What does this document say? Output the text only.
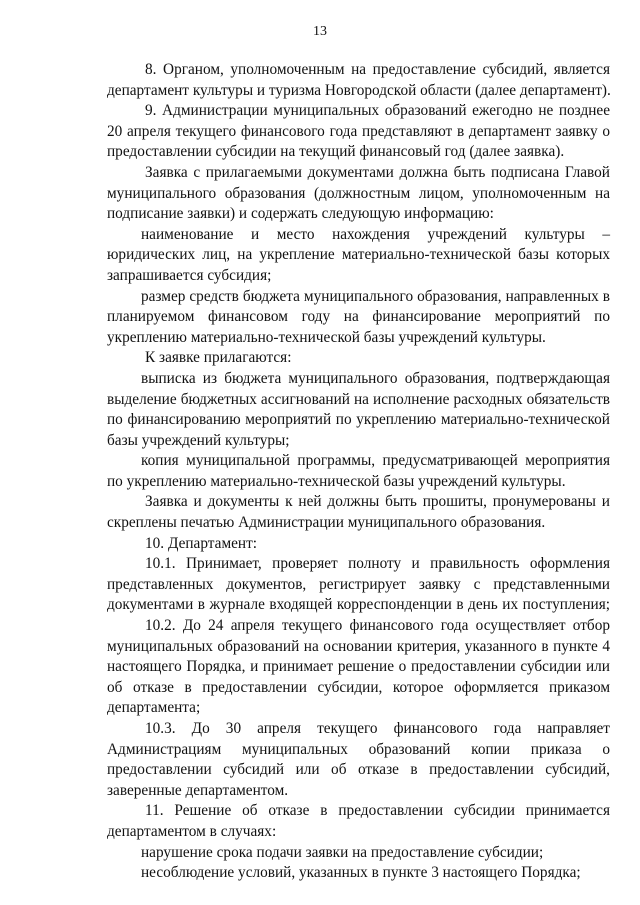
13
8. Органом, уполномоченным на предоставление субсидий, является
департамент культуры и туризма Новгородской области (далее департамент).
9. Администрации муниципальных образований ежегодно не позднее
20 апреля текущего финансового года представляют в департамент заявку о
предоставлении субсидии на текущий финансовый год (далее заявка).
Заявка с прилагаемыми документами должна быть подписана Главой
муниципального образования (должностным лицом, уполномоченным на
подписание заявки) и содержать следующую информацию:
наименование и место нахождения учреждений культуры –
юридических лиц, на укрепление материально-технической базы которых
запрашивается субсидия;
размер средств бюджета муниципального образования, направленных в
планируемом финансовом году на финансирование мероприятий по
укреплению материально-технической базы учреждений культуры.
К заявке прилагаются:
выписка из бюджета муниципального образования, подтверждающая
выделение бюджетных ассигнований на исполнение расходных обязательств
по финансированию мероприятий по укреплению материально-технической
базы учреждений культуры;
копия муниципальной программы, предусматривающей мероприятия
по укреплению материально-технической базы учреждений культуры.
Заявка и документы к ней должны быть прошиты, пронумерованы и
скреплены печатью Администрации муниципального образования.
10. Департамент:
10.1. Принимает, проверяет полноту и правильность оформления
представленных документов, регистрирует заявку с представленными
документами в журнале входящей корреспонденции в день их поступления;
10.2. До 24 апреля текущего финансового года осуществляет отбор
муниципальных образований на основании критерия, указанного в пункте 4
настоящего Порядка, и принимает решение о предоставлении субсидии или
об отказе в предоставлении субсидии, которое оформляется приказом
департамента;
10.3. До 30 апреля текущего финансового года направляет
Администрациям муниципальных образований копии приказа о
предоставлении субсидий или об отказе в предоставлении субсидий,
заверенные департаментом.
11. Решение об отказе в предоставлении субсидии принимается
департаментом в случаях:
нарушение срока подачи заявки на предоставление субсидии;
несоблюдение условий, указанных в пункте 3 настоящего Порядка;
